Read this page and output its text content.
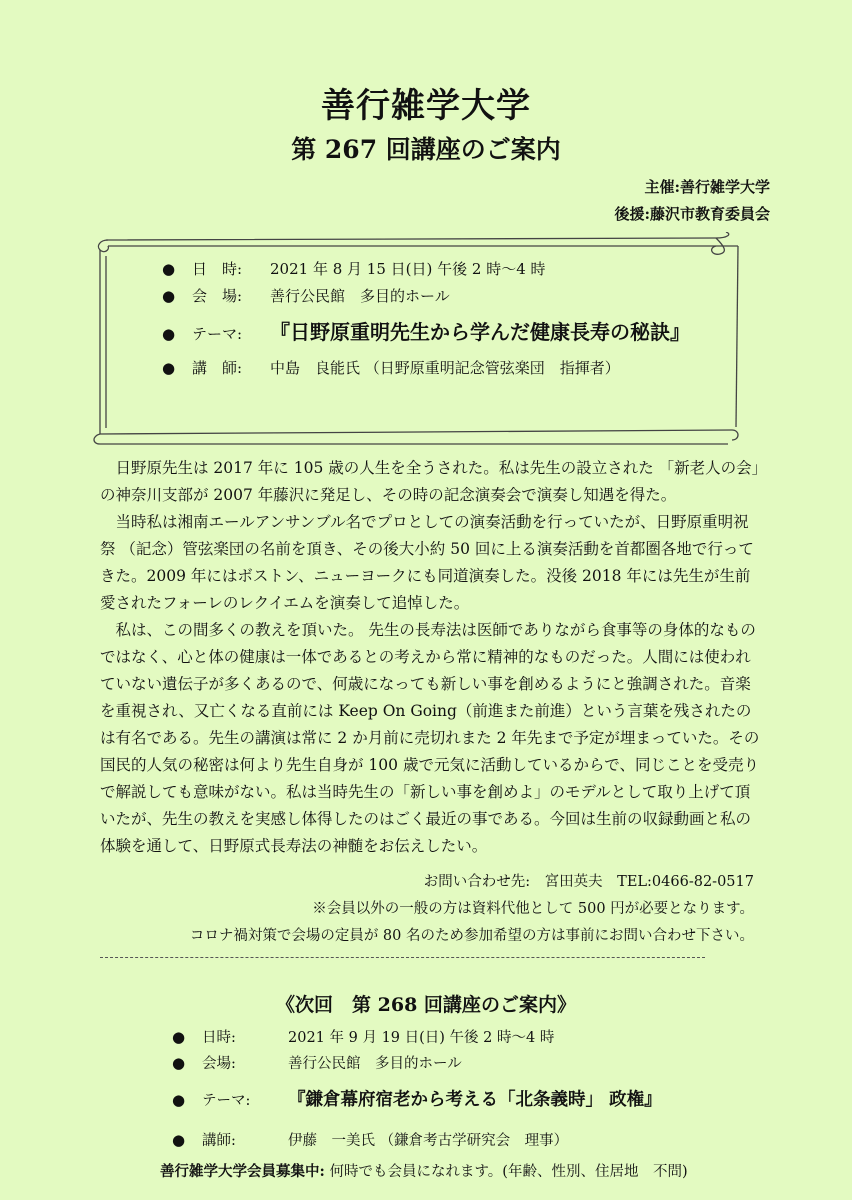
善行雑学大学
第 267 回講座のご案内
主催:善行雑学大学
後援:藤沢市教育委員会
●	日　時:	2021 年 8 月 15 日(日) 午後 2 時～4 時
●	会　場:	善行公民館　多目的ホール
●	テーマ:	『日野原重明先生から学んだ健康長寿の秘訣』
●	講　師:	中島　良能氏 （日野原重明記念管弦楽団　指揮者）

日野原先生は 2017 年に 105 歳の人生を全うされた。私は先生の設立された 「新老人の会」の神奈川支部が 2007 年藤沢に発足し、その時の記念演奏会で演奏し知遇を得た。

当時私は湘南エールアンサンブル名でプロとしての演奏活動を行っていたが、日野原重明祝祭 （記念）管弦楽団の名前を頂き、その後大小約 50 回に上る演奏活動を首都圏各地で行ってきた。2009 年にはボストン、ニューヨークにも同道演奏した。没後 2018 年には先生が生前愛されたフォーレのレクイエムを演奏して追悼した。

私は、この間多くの教えを頂いた。 先生の長寿法は医師でありながら食事等の身体的なものではなく、心と体の健康は一体であるとの考えから常に精神的なものだった。人間には使われていない遺伝子が多くあるので、何歳になっても新しい事を創めるようにと強調された。音楽を重視され、又亡くなる直前には Keep On Going（前進また前進）という言葉を残されたのは有名である。先生の講演は常に 2 か月前に売切れまた 2 年先まで予定が埋まっていた。その国民的人気の秘密は何より先生自身が 100 歳で元気に活動しているからで、同じことを受売りで解説しても意味がない。私は当時先生の「新しい事を創めよ」のモデルとして取り上げて頂いたが、先生の教えを実感し体得したのはごく最近の事である。今回は生前の収録動画と私の体験を通して、日野原式長寿法の神髄をお伝えしたい。

お問い合わせ先:　宮田英夫　TEL:0466-82-0517
※会員以外の一般の方は資料代他として 500 円が必要となります。
コロナ禍対策で会場の定員が 80 名のため参加希望の方は事前にお問い合わせ下さい。
《次回　第 268 回講座のご案内》
●	日時:	2021 年 9 月 19 日(日) 午後 2 時～4 時
●	会場:	善行公民館　多目的ホール
●	テーマ:	『鎌倉幕府宿老から考える「北条義時」 政権』
●	講師:	伊藤　一美氏 （鎌倉考古学研究会　理事）
善行雑学大学会員募集中: 何時でも会員になれます。(年齢、性別、住居地　不問)
